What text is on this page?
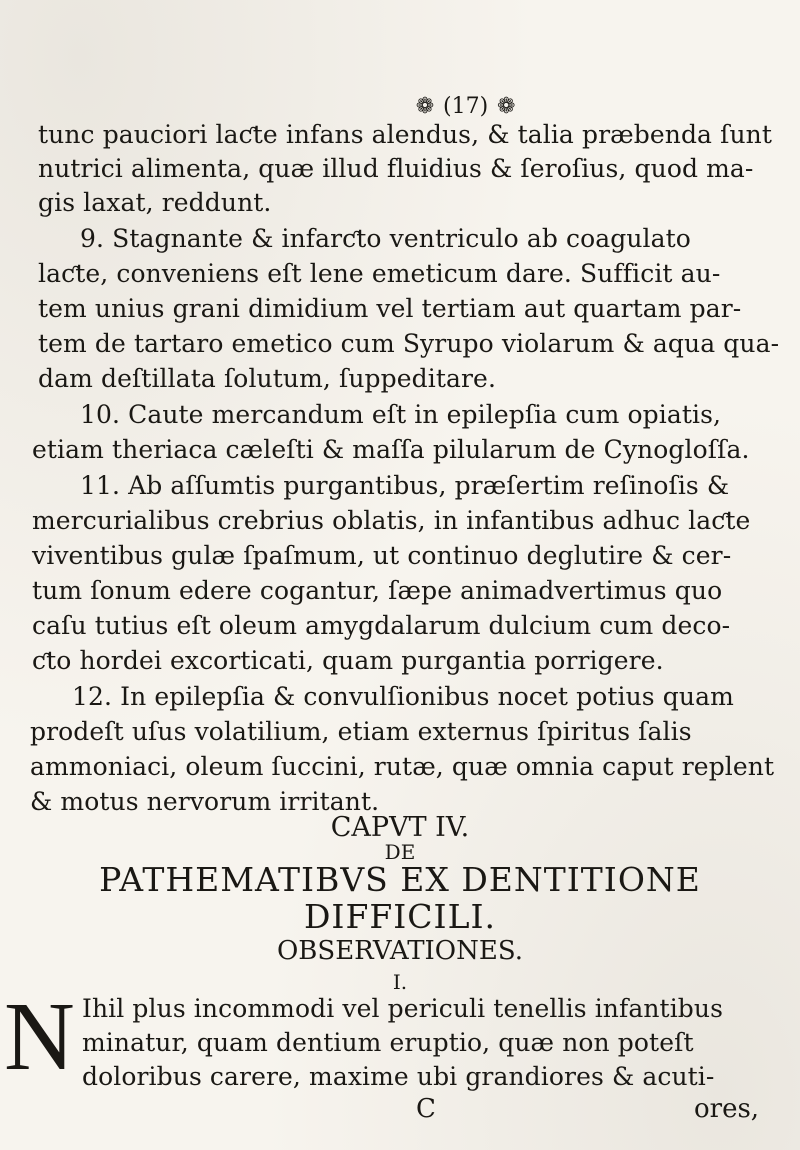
❁ (17) ❁
tunc pauciori laƈte infans alendus, & talia præbenda ſunt
nutrici alimenta, quæ illud fluidius & ſeroſius, quod ma-
gis laxat, reddunt.
9. Stagnante & infarƈto ventriculo ab coagulato
laƈte, conveniens eſt lene emeticum dare. Sufficit au-
tem unius grani dimidium vel tertiam aut quartam par-
tem de tartaro emetico cum Syrupo violarum & aqua qua-
dam deſtillata ſolutum, ſuppeditare.
10. Caute mercandum eſt in epilepſia cum opiatis,
etiam theriaca cæleſti & maſſa pilularum de Cynogloſſa.
11. Ab aſſumtis purgantibus, præſertim reſinoſis &
mercurialibus crebrius oblatis, in infantibus adhuc laƈte
viventibus gulæ ſpaſmum, ut continuo deglutire & cer-
tum ſonum edere cogantur, ſæpe animadvertimus quo
caſu tutius eſt oleum amygdalarum dulcium cum deco-
ƈto hordei excorticati, quam purgantia porrigere.
12. In epilepſia & convulſionibus nocet potius quam
prodeſt uſus volatilium, etiam externus ſpiritus ſalis
ammoniaci, oleum ſuccini, rutæ, quæ omnia caput replent
& motus nervorum irritant.
CAPVT IV.
DE
PATHEMATIBVS EX DENTITIONE
DIFFICILI.
OBSERVATIONES.
I.
N Ihil plus incommodi vel periculi tenellis infantibus
minatur, quam dentium eruptio, quæ non poteſt
doloribus carere, maxime ubi grandiores & acuti-
C	ores,
